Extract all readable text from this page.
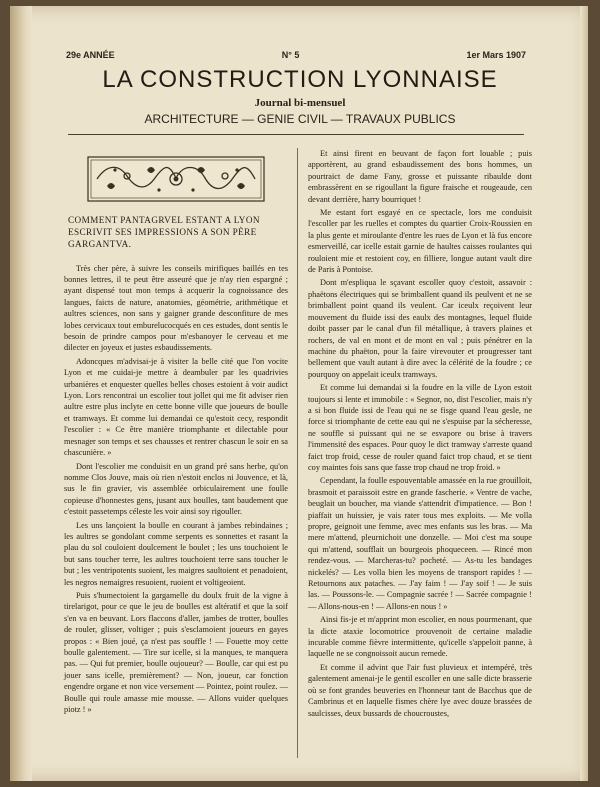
29e ANNÉE	N° 5	1er Mars 1907
LA CONSTRUCTION LYONNAISE
Journal bi-mensuel
ARCHITECTURE — GENIE CIVIL — TRAVAUX PUBLICS
COMMENT PANTAGRVEL ESTANT A LYON ESCRIVIT SES IMPRESSIONS A SON PÈRE GARGANTVA.

Très cher père, à suivre les conseils mirifiques baillés en tes bonnes lettres, il te peut être asseuré que je n'ay rien espargné ; ayant dispensé tout mon temps à acquerir la cognoissance des langues, faicts de nature, anatomies, géométrie, arithmétique et aultres sciences, non sans y gaigner grande desconfiture de mes lobes cervicaux tout emburelucocqués en ces estudes, dont sentis le besoin de prindre campos pour m'esbanoyer le cerveau et me dilecter en joyeux et justes esbaudissements.

Adoncques m'advisai-je à visiter la belle cité que l'on vocite Lyon et me cuidai-je mettre à deambuler par les quadrivies urbanières et enquester quelles belles choses estoient à voir audict Lyon. Lors rencontrai un escolier tout jollet qui me fit adviser rien aultre estre plus inclyte en cette bonne ville que joueurs de boulle et tramways. Et comme lui demandai ce qu'estoit cecy, respondit l'escolier : « Ce être manière triomphante et dilectable pour mesnager son temps et ses chausses et rentrer chascun le soir en sa chascunière. »

Dont l'escolier me conduisit en un grand pré sans herbe, qu'on nomme Clos Jouve, mais où rien n'estoit enclos ni Jouvence, et là, sus le fin gravier, vis assemblée orbiculairement une foulle copieuse d'honnestes gens, jusant aux boulles, tant baudement que c'estoit passetemps céleste les voir ainsi soy rigouller.

Les uns lançoient la boulle en courant à jambes rebindaines ; les aultres se gondolant comme serpents es sonnettes et rasant la plau du sol couloient doulcement le boulet ; les uns touchoient le but sans toucher terre, les aultres touchoient terre sans toucher le but ; les ventripotents suoient, les maigres saultoient et penadoient, les negros nemaigres resuoient, ruoient et voltigeoient.

Puis s'humectoient la gargamelle du doulx fruit de la vigne à tirelarigot, pour ce que le jeu de boulles est altératif et que la soif s'en va en beuvant. Lors flaccons d'aller, jambes de trotter, boulles de rouler, glisser, voltiger ; puis s'esclamoient joueurs en gayes propos : « Bien joué, ça n'est pas souffle ! — Fouette moy cette boulle galentement. — Tire sur icelle, si la manques, te manquera pas. — Qui fut premier, boulle oujoueur? — Boulle, car qui est pu jouer sans icelle, premièrement? — Non, joueur, car fonction engendre organe et non vice versement — Pointez, point roulez. — Boulle qui roule amasse mie mousse. — Allons vuider quelques piotz ! »

Et ainsi firent en beuvant de façon fort louable ; puis apportèrent, au grand esbaudissement des bons hommes, un pourtraict de dame Fany, grosse et puissante ribaulde dont embrassèrent en se rigoullant la figure fraische et rougeaude, cen devant derrière, harry bourriquet !

Me estant fort esgayé en ce spectacle, lors me conduisit l'escoller par les ruelles et comptes du quartier Croix-Roussien en la plus gente et miroulante d'entre les rues de Lyon et là fus encore esmerveillé, car icelle estait garnie de haultes caisses roulantes qui rouloient mie et restoient coy, en filliere, longue autant vault dire de Paris à Pontoise.

Dont m'espliqua le sçavant escoller quoy c'estoit, assavoir : phaëtons électriques qui se brimballent quand ils peulvent et ne se brimballent point quand ils veulent. Car iceulx reçoivent leur mouvement du fluide issi des eaulx des montagnes, lequel fluide doibt passer par le canal d'un fil métallique, à travers plaines et rochers, de val en mont et de mont en val ; puis pénétrer en la machine du phaëton, pour la faire virevouter et prougresser tant bellement que vault autant à dire avec la célérité de la foudre ; ce pourquoy on appelait iceulx tramways.

Et comme lui demandai si la foudre en la ville de Lyon estoit toujours si lente et immobile : « Segnor, no, dist l'escolier, mais n'y a si bon fluide issi de l'eau qui ne se fisge quand l'eau gesle, ne force si triomphante de cette eau qui ne s'espuise par la sécheresse, ne souffle si puissant qui ne se esvapore ou brise à travers l'immensité des espaces. Pour quoy le dict tramway s'arreste quand faict trop froid, cesse de rouler quand faict trop chaud, et se tient coy maintes fois sans que fasse trop chaud ne trop froid. »

Cependant, la foulle espouventable amassée en la rue grouilloit, brasmoit et paraissoit estre en grande fascherie. « Ventre de vache, beuglait un boucher, ma viande s'attendrit d'impatience. — Bon ! piaffait un huissier, je vais rater tous mes exploits. — Me volla propre, geignoit une femme, avec mes enfants sus les bras. — Ma mere m'attend, pleurnichoit une donzelle. — Moi c'est ma soupe qui m'attend, soufflait un bourgeois phoqueceen. — Rincé mon rendez-vous. — Marcheras-tu? pocheté. — As-tu les bandages nickelés? — Les volla bien les moyens de transport rapides ! — Retournons aux pataches. — J'ay faim ! — J'ay soif ! — Je suis las. — Poussons-le. — Compagnie sacrée ! — Sacrée compagnie ! — Allons-nous-en ! — Allons-en nous ! »

Ainsi fis-je et m'apprint mon escolier, en nous pourmenant, que la dicte ataxie locomotrice prouvenoit de certaine maladie incurable comme fièvre intermittente, qu'icelle s'appeloit panne, à laquelle ne se congnoissoit aucun remede.

Et comme il advint que l'air fust pluvieux et intempéré, très galentement amenai-je le gentil escoller en une salle dicte brasserie où se font grandes beuveries en l'honneur tant de Bacchus que de Cambrinus et en laquelle fismes chère lye avec douze brassées de saulcisses, deux bussards de choucroustes,
